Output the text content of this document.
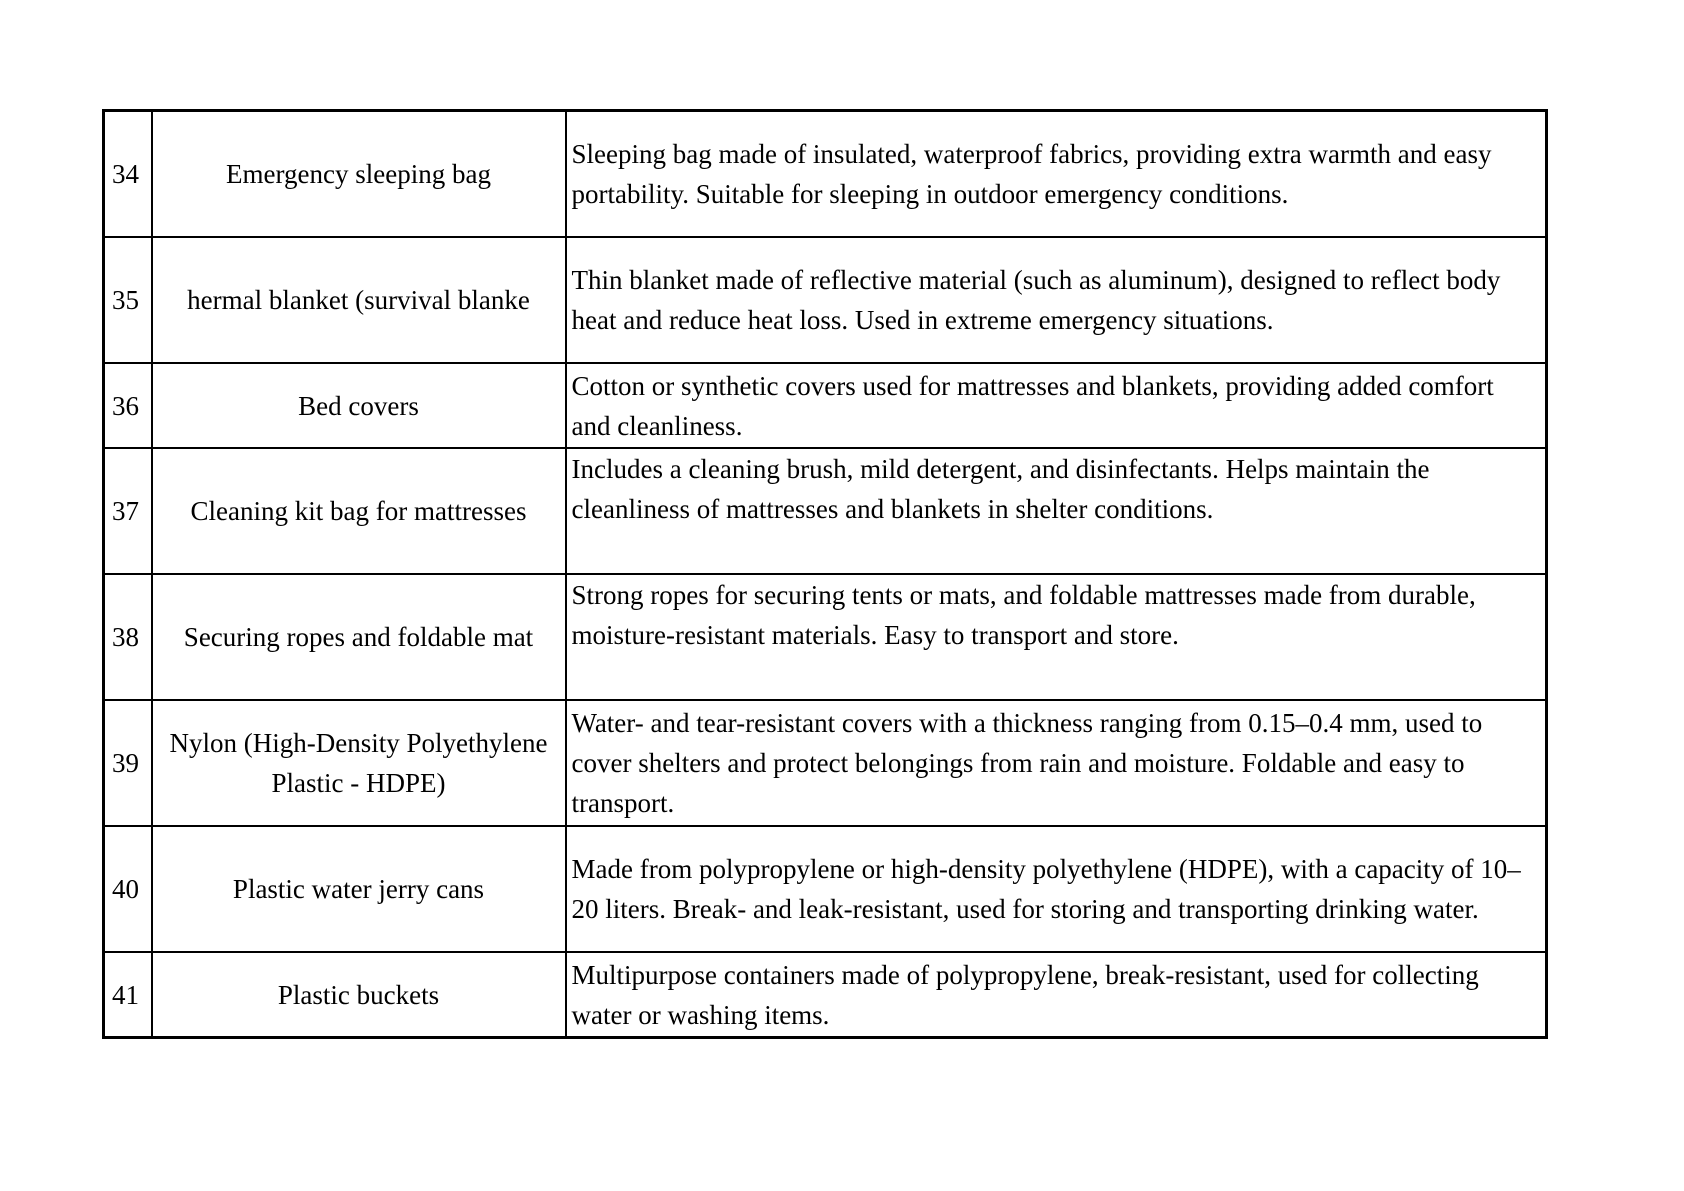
34	Emergency sleeping bag	Sleeping bag made of insulated, waterproof fabrics, providing extra warmth and easy portability. Suitable for sleeping in outdoor emergency conditions.
35	hermal blanket (survival blanke	Thin blanket made of reflective material (such as aluminum), designed to reflect body heat and reduce heat loss. Used in extreme emergency situations.
36	Bed covers	Cotton or synthetic covers used for mattresses and blankets, providing added comfort and cleanliness.
37	Cleaning kit bag for mattresses	Includes a cleaning brush, mild detergent, and disinfectants. Helps maintain the cleanliness of mattresses and blankets in shelter conditions.
38	Securing ropes and foldable mat	Strong ropes for securing tents or mats, and foldable mattresses made from durable, moisture-resistant materials. Easy to transport and store.
39	Nylon (High-Density Polyethylene Plastic - HDPE)	Water- and tear-resistant covers with a thickness ranging from 0.15–0.4 mm, used to cover shelters and protect belongings from rain and moisture. Foldable and easy to transport.
40	Plastic water jerry cans	Made from polypropylene or high-density polyethylene (HDPE), with a capacity of 10–20 liters. Break- and leak-resistant, used for storing and transporting drinking water.
41	Plastic buckets	Multipurpose containers made of polypropylene, break-resistant, used for collecting water or washing items.
